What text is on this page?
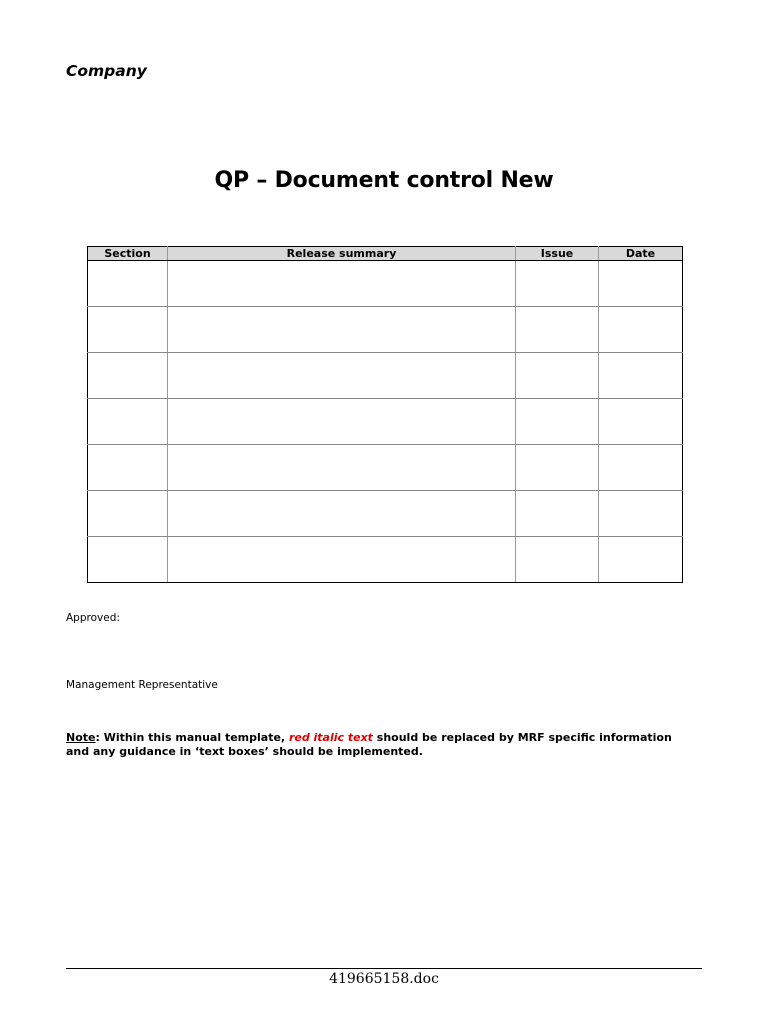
Company
QP – Document control New
Section	Release summary	Issue	Date

Approved:
Management Representative
Note: Within this manual template, red italic text should be replaced by MRF specific information and any guidance in ‘text boxes’ should be implemented.
419665158.doc
